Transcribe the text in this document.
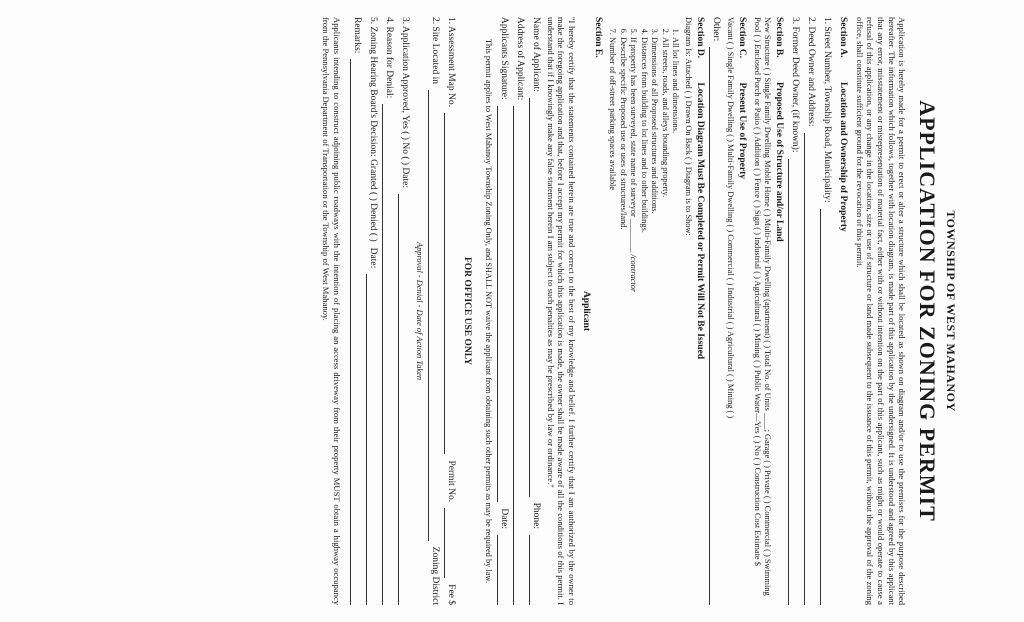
TOWNSHIP OF WEST MAHANOY
APPLICATION FOR ZONING PERMIT
Application is hereby made for a permit to erect or alter a structure which shall be located as shown on diagram and/or to use the premises for the purpose described hereafter. The information which follows, together with location diagram, is made part of this application by the undersigned. It is understood and agreed by this applicant that any error, misstatement or misrepresentation of material fact, either with or without intention on the part of this applicant, such as might or would operate to cause a refusal of this application, or any change in the location, size or use of structure or land made subsequent to the issuance of this permit, without the approval of the zoning office, shall constitute sufficient ground for the revocation of this permit.
Section A. Location and Ownership of Property
1. Street Number, Township Road, Municipality:
2. Deed Owner and Address:
3. Former Deed Owner, (if known):
Section B. Proposed Use of Structure and/or Land
New Structure ( ) Single Family Dwelling Mobile Home ( ) Multi-Family Dwelling (apartment) ( ) Total No. of Units ____; Garage ( ) Private ( ) Commercial ( ) Swimming Pool ( ) Enclosed Porch or Patio ( ) Addition ( ) Fence ( ) Sign ( ) Industrial ( ) Agricultural ( ) Mining ( ) Public Water—Yes ( ) No ( ) Construction Cost Estimate $
Section C. Present Use of Property
Vacant ( ) Single Family Dwelling ( ) Multi-Family Dwelling ( ) Commercial ( ) Industrial ( ) Agricultural ( ) Mining ( )
Other:
Section D. Location Diagram Must Be Completed or Permit Will Not Be Issued
Diagram Is: Attached ( ) Drawn On Back ( ) Diagram is to Show:
1. All lot lines and dimensions.
2. All streets, roads, and alleys bounding property.
3. Dimensions of all Proposed structures and additions.
4. Distances from building to lot lines and to other buildings.
5. If property has been surveyed, state name of surveyor ________ /contractor
6. Describe specific Proposed use or uses of structures/land.
7. Number of off-street parking spaces available
Section E.
Applicant
"I hereby certify that the statements contained herein are true and correct to the best of my knowledge and belief. I further certify that I am authorized by the owner to make the foregoing application and that, before I accept my permit for which this application is made, the owner shall be made aware of all the conditions of this permit. I understand that if I knowingly make any false statement herein I am subject to such penalties as may be prescribed by law or ordinance."
Name of Applicant:
Phone:
Address of Applicant:
Applicants Signature:
Date:
This permit applies to West Mahanoy Township Zoning Only, and SHALL NOT waive the applicant from obtaining such other permits as may be required by law.
FOR OFFICE USE ONLY
1. Assessment Map No.
Permit No.
Fee $
2. Site Located in
Zoning District
Approval - Denial - Date of Action Taken
3. Application Approved, Yes ( ) No ( ) Date:
4. Reason for Denial:
5. Zoning Hearing Board's Decision: Granted ( ) Denied ( )
Date:
Remarks:
Applicants intending to construct adjoining public roadways with the intention of placing an access driveway from their property MUST obtain a highway occupancy from the Pennsylvania Department of Transportation or the Township of West Mahanoy.
